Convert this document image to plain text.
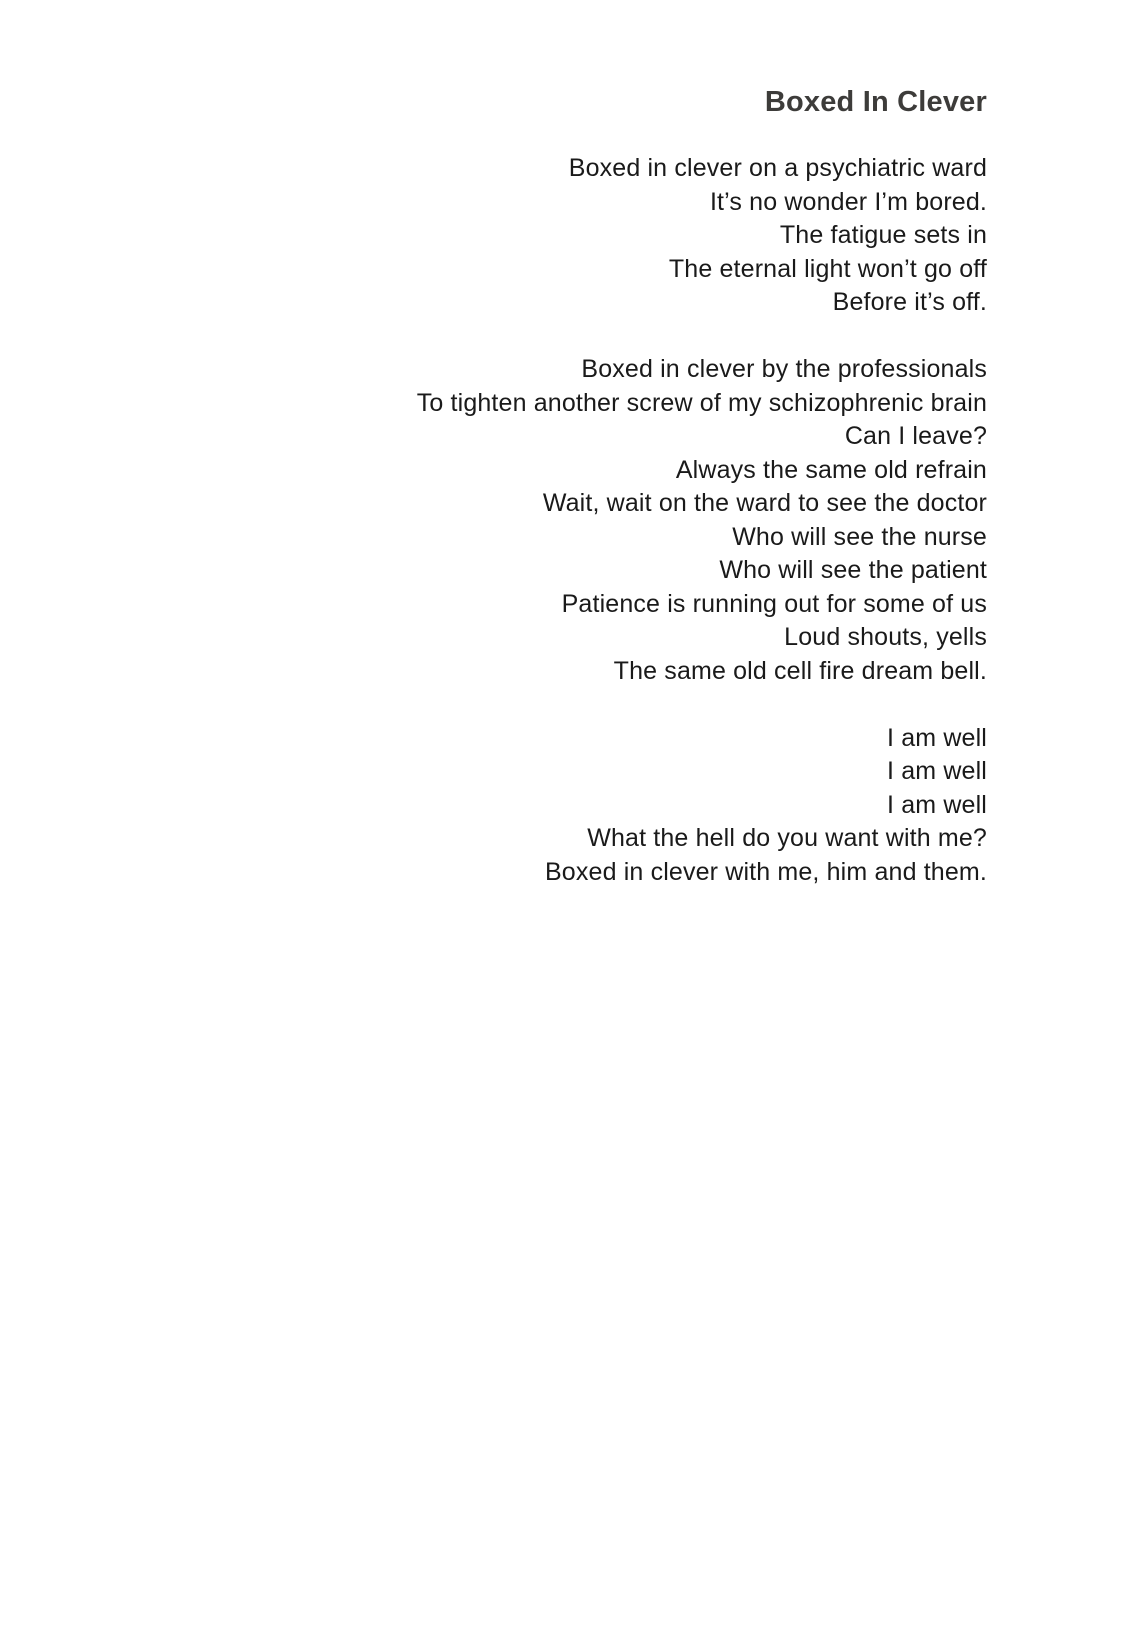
Boxed In Clever
Boxed in clever on a psychiatric ward
It’s no wonder I’m bored.
The fatigue sets in
The eternal light won’t go off
Before it’s off.
Boxed in clever by the professionals
To tighten another screw of my schizophrenic brain
Can I leave?
Always the same old refrain
Wait, wait on the ward to see the doctor
Who will see the nurse
Who will see the patient
Patience is running out for some of us
Loud shouts, yells
The same old cell fire dream bell.
I am well
I am well
I am well
What the hell do you want with me?
Boxed in clever with me, him and them.
